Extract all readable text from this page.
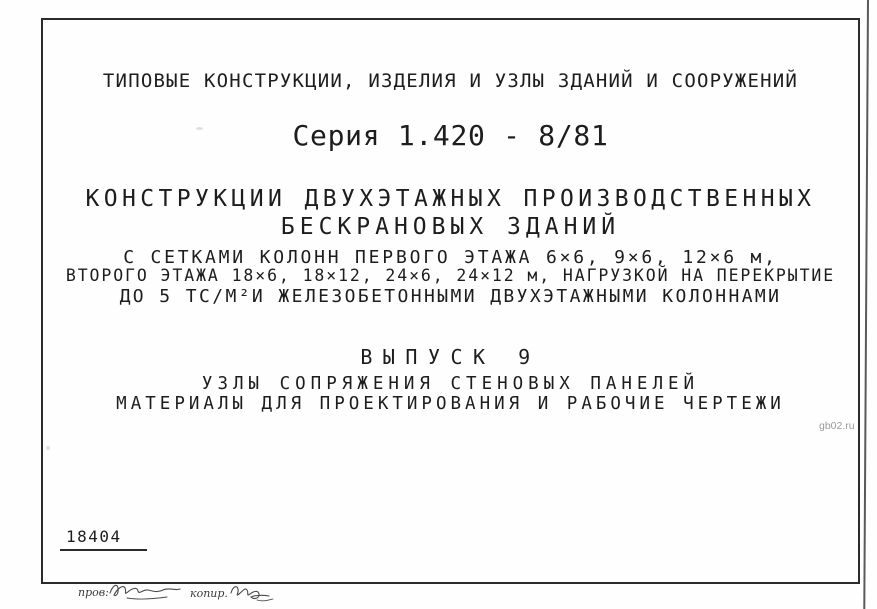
ТИПОВЫЕ КОНСТРУКЦИИ, ИЗДЕЛИЯ И УЗЛЫ ЗДАНИЙ И СООРУЖЕНИЙ
Серия 1.420 - 8/81
КОНСТРУКЦИИ ДВУХЭТАЖНЫХ ПРОИЗВОДСТВЕННЫХ
БЕСКРАНОВЫХ ЗДАНИЙ
С СЕТКАМИ КОЛОНН ПЕРВОГО ЭТАЖА 6×6, 9×6, 12×6 м,
ВТОРОГО ЭТАЖА 18×6, 18×12, 24×6, 24×12 м, НАГРУЗКОЙ НА ПЕРЕКРЫТИЕ
ДО 5 ТС/М²И ЖЕЛЕЗОБЕТОННЫМИ ДВУХЭТАЖНЫМИ КОЛОННАМИ
ВЫПУСК 9
УЗЛЫ СОПРЯЖЕНИЯ СТЕНОВЫХ ПАНЕЛЕЙ
МАТЕРИАЛЫ ДЛЯ ПРОЕКТИРОВАНИЯ И РАБОЧИЕ ЧЕРТЕЖИ
18404
пров:	копир.
gb02.ru
